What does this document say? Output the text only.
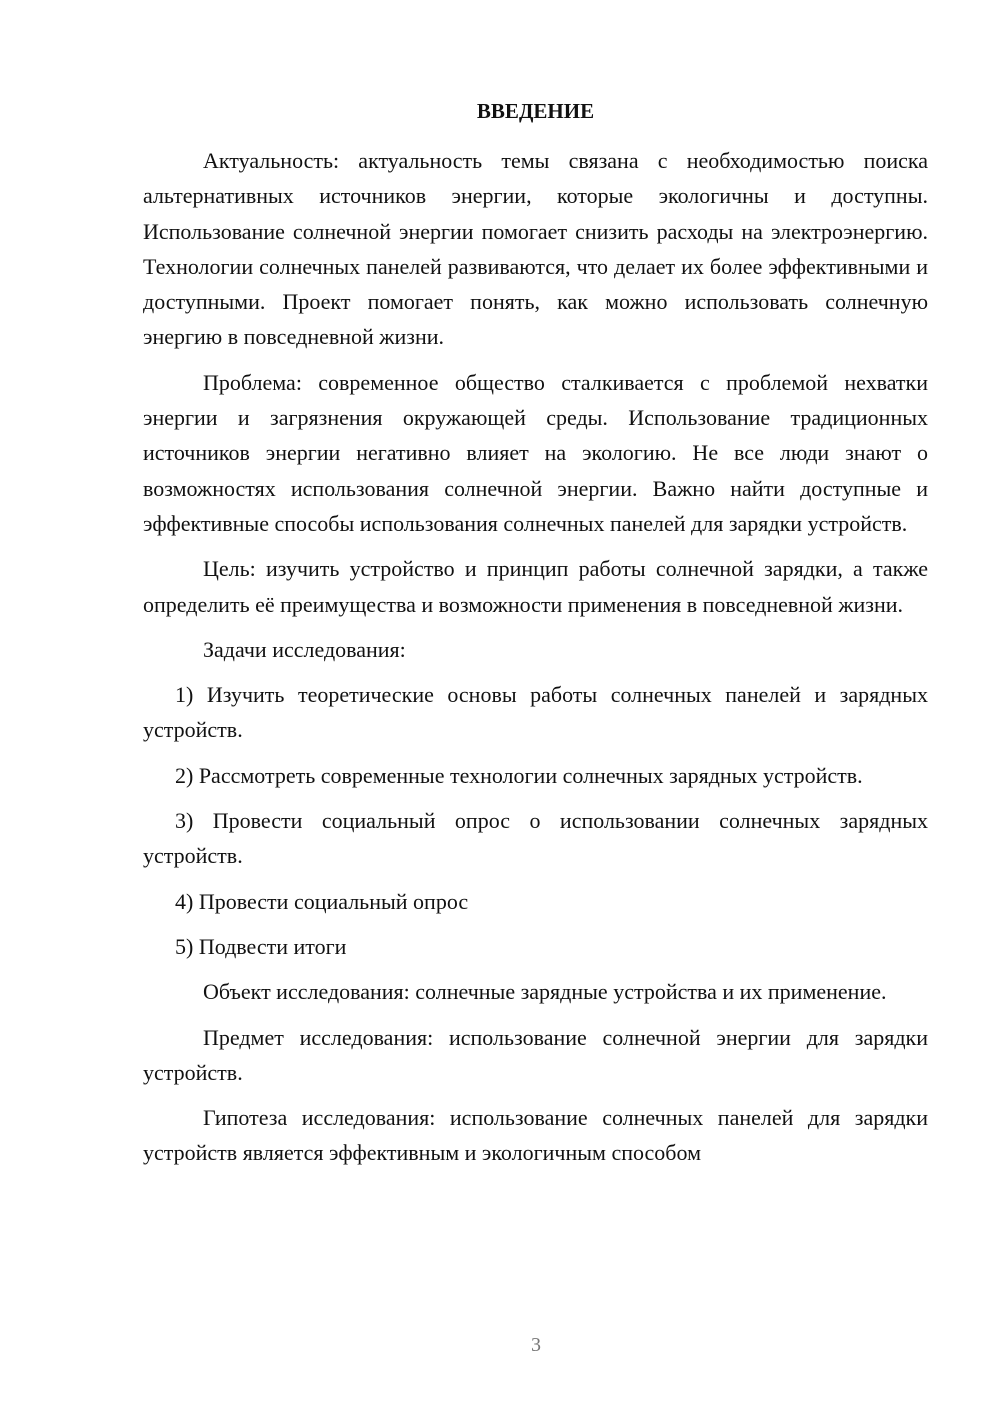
ВВЕДЕНИЕ

Актуальность: актуальность темы связана с необходимостью поиска альтернативных источников энергии, которые экологичны и доступны. Использование солнечной энергии помогает снизить расходы на электроэнергию. Технологии солнечных панелей развиваются, что делает их более эффективными и доступными. Проект помогает понять, как можно использовать солнечную энергию в повседневной жизни.

Проблема: современное общество сталкивается с проблемой нехватки энергии и загрязнения окружающей среды. Использование традиционных источников энергии негативно влияет на экологию. Не все люди знают о возможностях использования солнечной энергии. Важно найти доступные и эффективные способы использования солнечных панелей для зарядки устройств.

Цель: изучить устройство и принцип работы солнечной зарядки, а также определить её преимущества и возможности применения в повседневной жизни.

Задачи исследования:

1) Изучить теоретические основы работы солнечных панелей и зарядных устройств.

2) Рассмотреть современные технологии солнечных зарядных устройств.

3) Провести социальный опрос о использовании солнечных зарядных устройств.

4) Провести социальный опрос

5) Подвести итоги

Объект исследования: солнечные зарядные устройства и их применение.

Предмет исследования: использование солнечной энергии для зарядки устройств.

Гипотеза исследования: использование солнечных панелей для зарядки устройств является эффективным и экологичным способом

3
